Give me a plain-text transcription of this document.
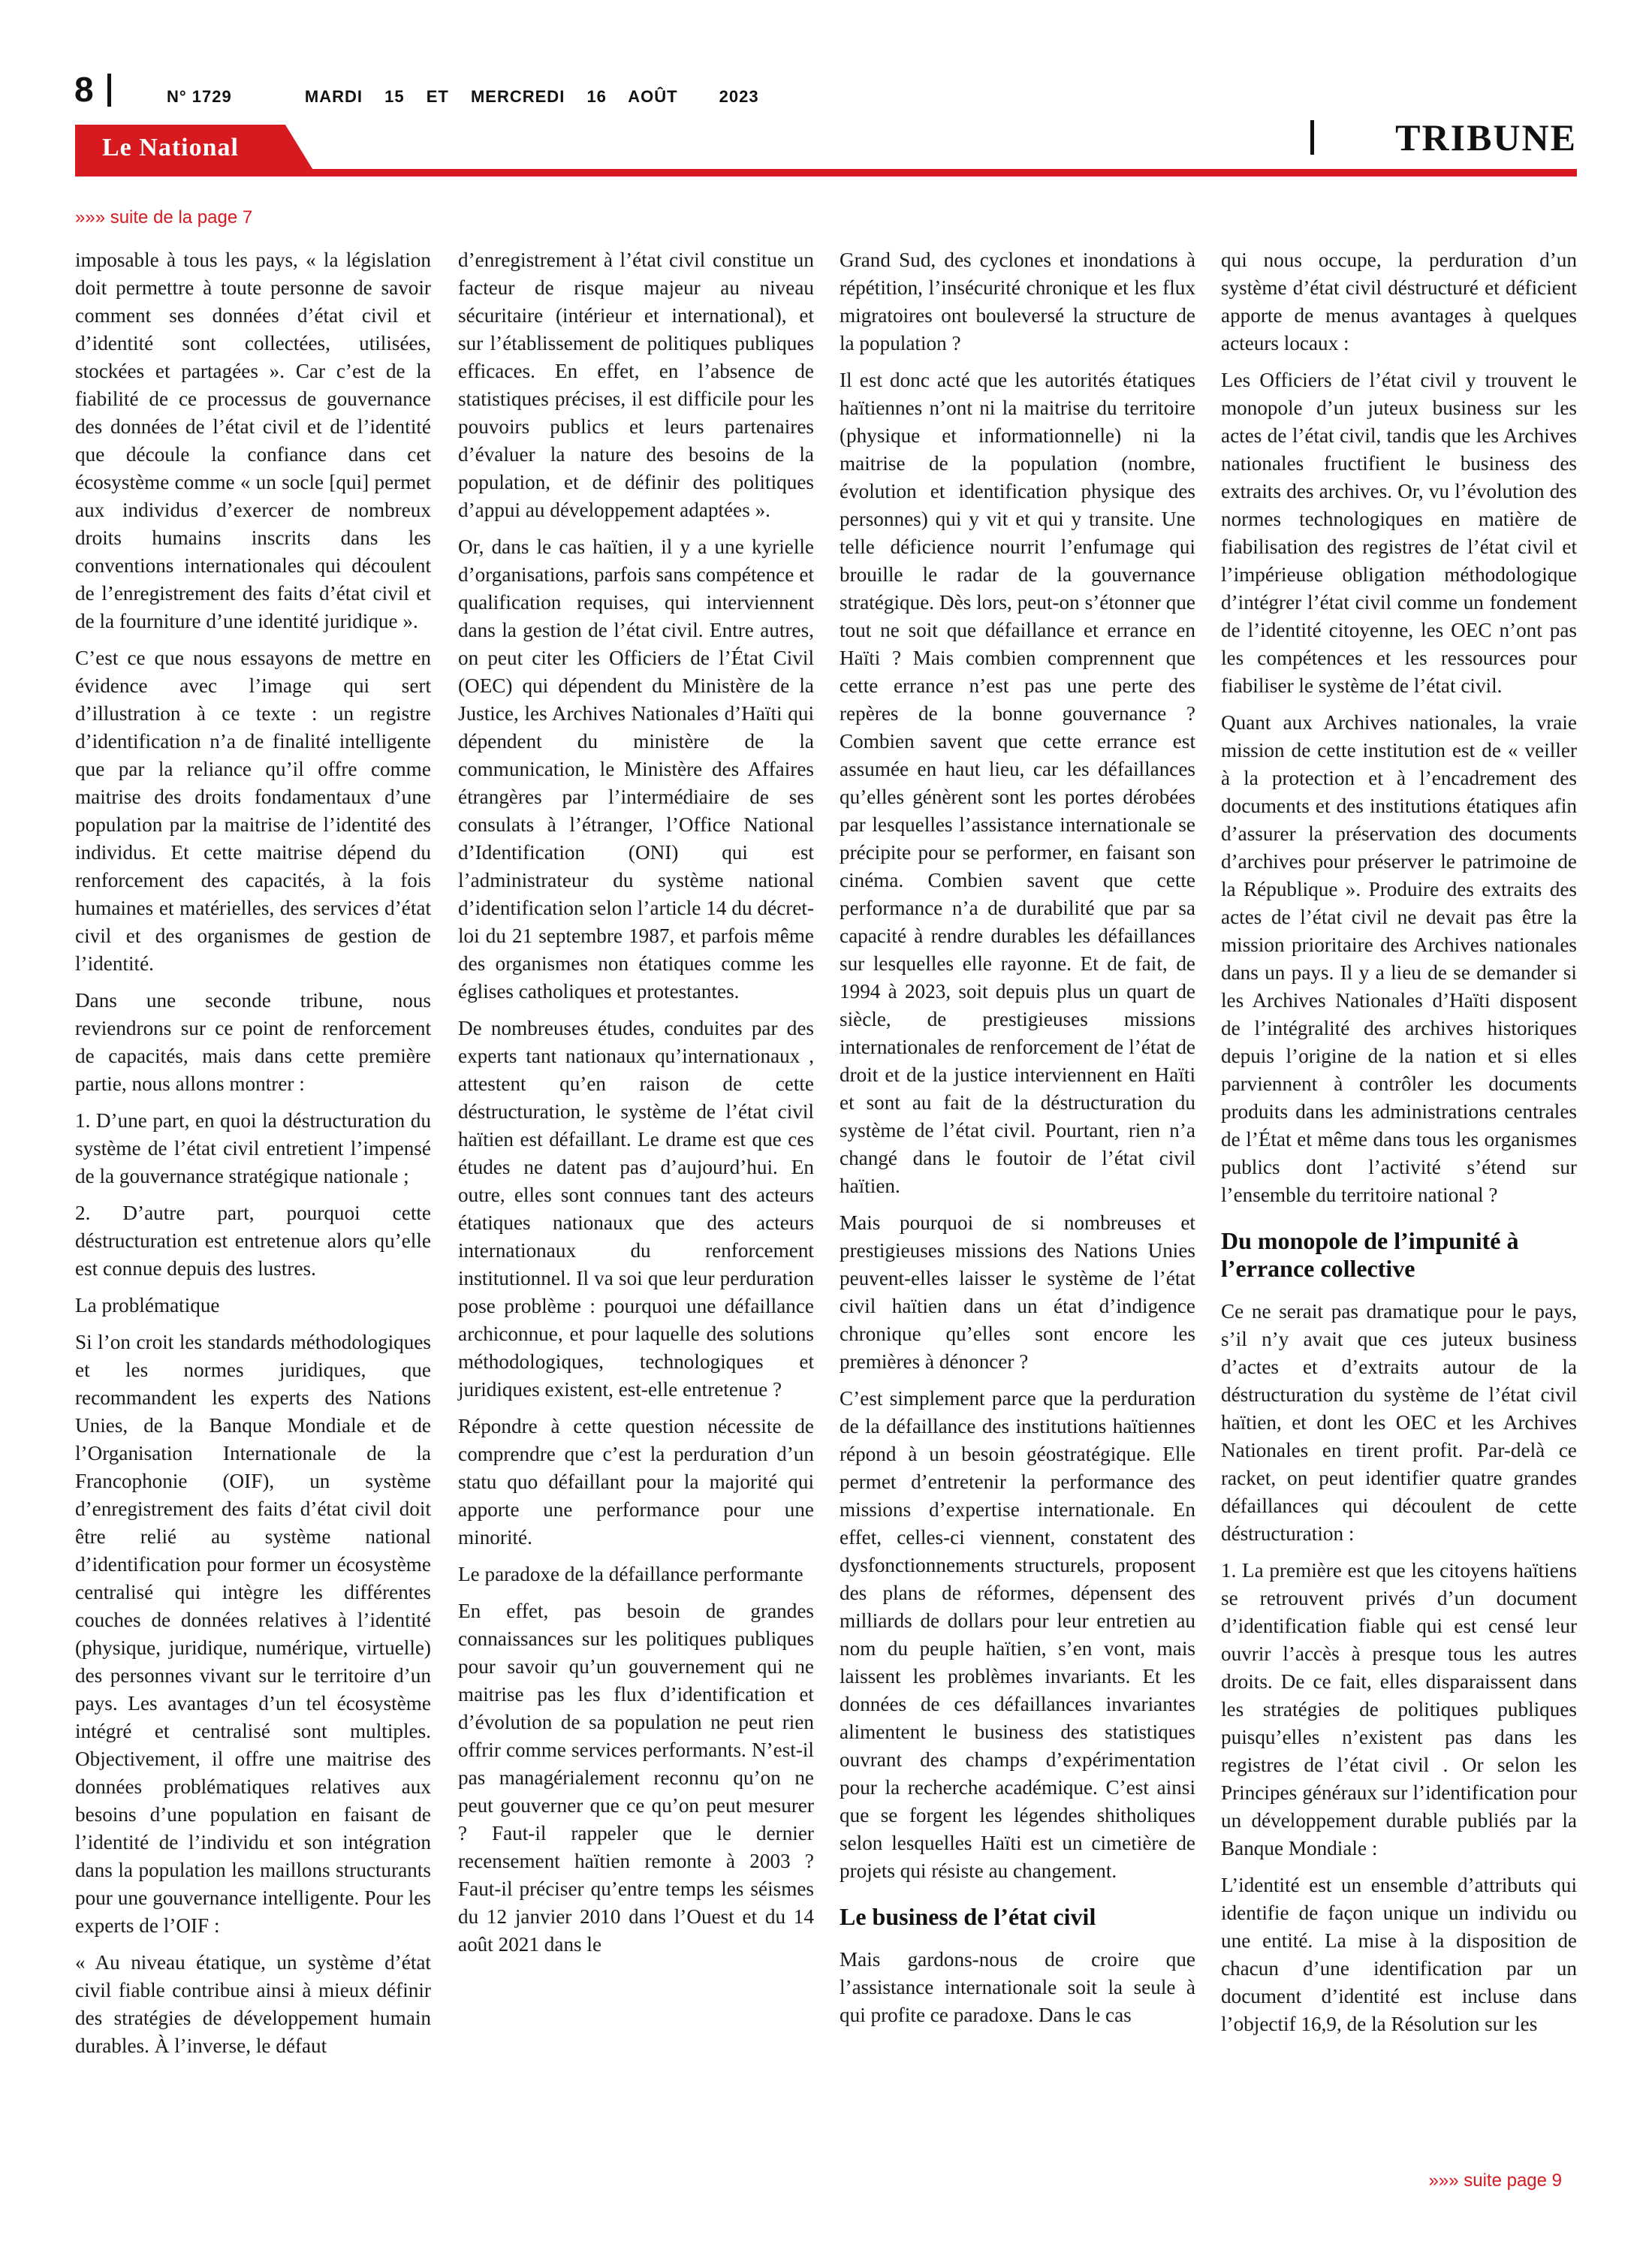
8	N° 1729	MARDI 15 ET MERCREDI 16 AOÛT	2023
Le National	TRIBUNE
»»» suite de la page 7

imposable à tous les pays, « la législation doit permettre à toute personne de savoir comment ses données d’état civil et d’identité sont collectées, utilisées, stockées et partagées ». Car c’est de la fiabilité de ce processus de gouvernance des données de l’état civil et de l’identité que découle la confiance dans cet écosystème comme « un socle [qui] permet aux individus d’exercer de nombreux droits humains inscrits dans les conventions internationales qui découlent de l’enregistrement des faits d’état civil et de la fourniture d’une identité juridique ».

C’est ce que nous essayons de mettre en évidence avec l’image qui sert d’illustration à ce texte : un registre d’identification n’a de finalité intelligente que par la reliance qu’il offre comme maitrise des droits fondamentaux d’une population par la maitrise de l’identité des individus. Et cette maitrise dépend du renforcement des capacités, à la fois humaines et matérielles, des services d’état civil et des organismes de gestion de l’identité.

Dans une seconde tribune, nous reviendrons sur ce point de renforcement de capacités, mais dans cette première partie, nous allons montrer :

1. D’une part, en quoi la déstructuration du système de l’état civil entretient l’impensé de la gouvernance stratégique nationale ;

2. D’autre part, pourquoi cette déstructuration est entretenue alors qu’elle est connue depuis des lustres.

La problématique

Si l’on croit les standards méthodologiques et les normes juridiques, que recommandent les experts des Nations Unies, de la Banque Mondiale et de l’Organisation Internationale de la Francophonie (OIF), un système d’enregistrement des faits d’état civil doit être relié au système national d’identification pour former un écosystème centralisé qui intègre les différentes couches de données relatives à l’identité (physique, juridique, numérique, virtuelle) des personnes vivant sur le territoire d’un pays. Les avantages d’un tel écosystème intégré et centralisé sont multiples. Objectivement, il offre une maitrise des données problématiques relatives aux besoins d’une population en faisant de l’identité de l’individu et son intégration dans la population les maillons structurants pour une gouvernance intelligente. Pour les experts de l’OIF :

« Au niveau étatique, un système d’état civil fiable contribue ainsi à mieux définir des stratégies de développement humain durables. À l’inverse, le défaut

d’enregistrement à l’état civil constitue un facteur de risque majeur au niveau sécuritaire (intérieur et international), et sur l’établissement de politiques publiques efficaces. En effet, en l’absence de statistiques précises, il est difficile pour les pouvoirs publics et leurs partenaires d’évaluer la nature des besoins de la population, et de définir des politiques d’appui au développement adaptées ».

Or, dans le cas haïtien, il y a une kyrielle d’organisations, parfois sans compétence et qualification requises, qui interviennent dans la gestion de l’état civil. Entre autres, on peut citer les Officiers de l’État Civil (OEC) qui dépendent du Ministère de la Justice, les Archives Nationales d’Haïti qui dépendent du ministère de la communication, le Ministère des Affaires étrangères par l’intermédiaire de ses consulats à l’étranger, l’Office National d’Identification (ONI) qui est l’administrateur du système national d’identification selon l’article 14 du décret-loi du 21 septembre 1987, et parfois même des organismes non étatiques comme les églises catholiques et protestantes.

De nombreuses études, conduites par des experts tant nationaux qu’internationaux , attestent qu’en raison de cette déstructuration, le système de l’état civil haïtien est défaillant. Le drame est que ces études ne datent pas d’aujourd’hui. En outre, elles sont connues tant des acteurs étatiques nationaux que des acteurs internationaux du renforcement institutionnel. Il va soi que leur perduration pose problème : pourquoi une défaillance archiconnue, et pour laquelle des solutions méthodologiques, technologiques et juridiques existent, est-elle entretenue ?

Répondre à cette question nécessite de comprendre que c’est la perduration d’un statu quo défaillant pour la majorité qui apporte une performance pour une minorité.

Le paradoxe de la défaillance performante

En effet, pas besoin de grandes connaissances sur les politiques publiques pour savoir qu’un gouvernement qui ne maitrise pas les flux d’identification et d’évolution de sa population ne peut rien offrir comme services performants. N’est-il pas managérialement reconnu qu’on ne peut gouverner que ce qu’on peut mesurer ? Faut-il rappeler que le dernier recensement haïtien remonte à 2003 ? Faut-il préciser qu’entre temps les séismes du 12 janvier 2010 dans l’Ouest et du 14 août 2021 dans le

Grand Sud, des cyclones et inondations à répétition, l’insécurité chronique et les flux migratoires ont bouleversé la structure de la population ?

Il est donc acté que les autorités étatiques haïtiennes n’ont ni la maitrise du territoire (physique et informationnelle) ni la maitrise de la population (nombre, évolution et identification physique des personnes) qui y vit et qui y transite. Une telle déficience nourrit l’enfumage qui brouille le radar de la gouvernance stratégique. Dès lors, peut-on s’étonner que tout ne soit que défaillance et errance en Haïti ? Mais combien comprennent que cette errance n’est pas une perte des repères de la bonne gouvernance ? Combien savent que cette errance est assumée en haut lieu, car les défaillances qu’elles génèrent sont les portes dérobées par lesquelles l’assistance internationale se précipite pour se performer, en faisant son cinéma. Combien savent que cette performance n’a de durabilité que par sa capacité à rendre durables les défaillances sur lesquelles elle rayonne. Et de fait, de 1994 à 2023, soit depuis plus un quart de siècle, de prestigieuses missions internationales de renforcement de l’état de droit et de la justice interviennent en Haïti et sont au fait de la déstructuration du système de l’état civil. Pourtant, rien n’a changé dans le foutoir de l’état civil haïtien.

Mais pourquoi de si nombreuses et prestigieuses missions des Nations Unies peuvent-elles laisser le système de l’état civil haïtien dans un état d’indigence chronique qu’elles sont encore les premières à dénoncer ?

C’est simplement parce que la perduration de la défaillance des institutions haïtiennes répond à un besoin géostratégique. Elle permet d’entretenir la performance des missions d’expertise internationale. En effet, celles-ci viennent, constatent des dysfonctionnements structurels, proposent des plans de réformes, dépensent des milliards de dollars pour leur entretien au nom du peuple haïtien, s’en vont, mais laissent les problèmes invariants. Et les données de ces défaillances invariantes alimentent le business des statistiques ouvrant des champs d’expérimentation pour la recherche académique. C’est ainsi que se forgent les légendes shitholiques selon lesquelles Haïti est un cimetière de projets qui résiste au changement.

Le business de l’état civil

Mais gardons-nous de croire que l’assistance internationale soit la seule à qui profite ce paradoxe. Dans le cas

qui nous occupe, la perduration d’un système d’état civil déstructuré et déficient apporte de menus avantages à quelques acteurs locaux :

Les Officiers de l’état civil y trouvent le monopole d’un juteux business sur les actes de l’état civil, tandis que les Archives nationales fructifient le business des extraits des archives. Or, vu l’évolution des normes technologiques en matière de fiabilisation des registres de l’état civil et l’impérieuse obligation méthodologique d’intégrer l’état civil comme un fondement de l’identité citoyenne, les OEC n’ont pas les compétences et les ressources pour fiabiliser le système de l’état civil.

Quant aux Archives nationales, la vraie mission de cette institution est de « veiller à la protection et à l’encadrement des documents et des institutions étatiques afin d’assurer la préservation des documents d’archives pour préserver le patrimoine de la République ». Produire des extraits des actes de l’état civil ne devait pas être la mission prioritaire des Archives nationales dans un pays. Il y a lieu de se demander si les Archives Nationales d’Haïti disposent de l’intégralité des archives historiques depuis l’origine de la nation et si elles parviennent à contrôler les documents produits dans les administrations centrales de l’État et même dans tous les organismes publics dont l’activité s’étend sur l’ensemble du territoire national ?

Du monopole de l’impunité à l’errance collective

Ce ne serait pas dramatique pour le pays, s’il n’y avait que ces juteux business d’actes et d’extraits autour de la déstructuration du système de l’état civil haïtien, et dont les OEC et les Archives Nationales en tirent profit. Par-delà ce racket, on peut identifier quatre grandes défaillances qui découlent de cette déstructuration :

1. La première est que les citoyens haïtiens se retrouvent privés d’un document d’identification fiable qui est censé leur ouvrir l’accès à presque tous les autres droits. De ce fait, elles disparaissent dans les stratégies de politiques publiques puisqu’elles n’existent pas dans les registres de l’état civil . Or selon les Principes généraux sur l’identification pour un développement durable publiés par la Banque Mondiale :

L’identité est un ensemble d’attributs qui identifie de façon unique un individu ou une entité. La mise à la disposition de chacun d’une identification par un document d’identité est incluse dans l’objectif 16,9, de la Résolution sur les

»»» suite page 9
